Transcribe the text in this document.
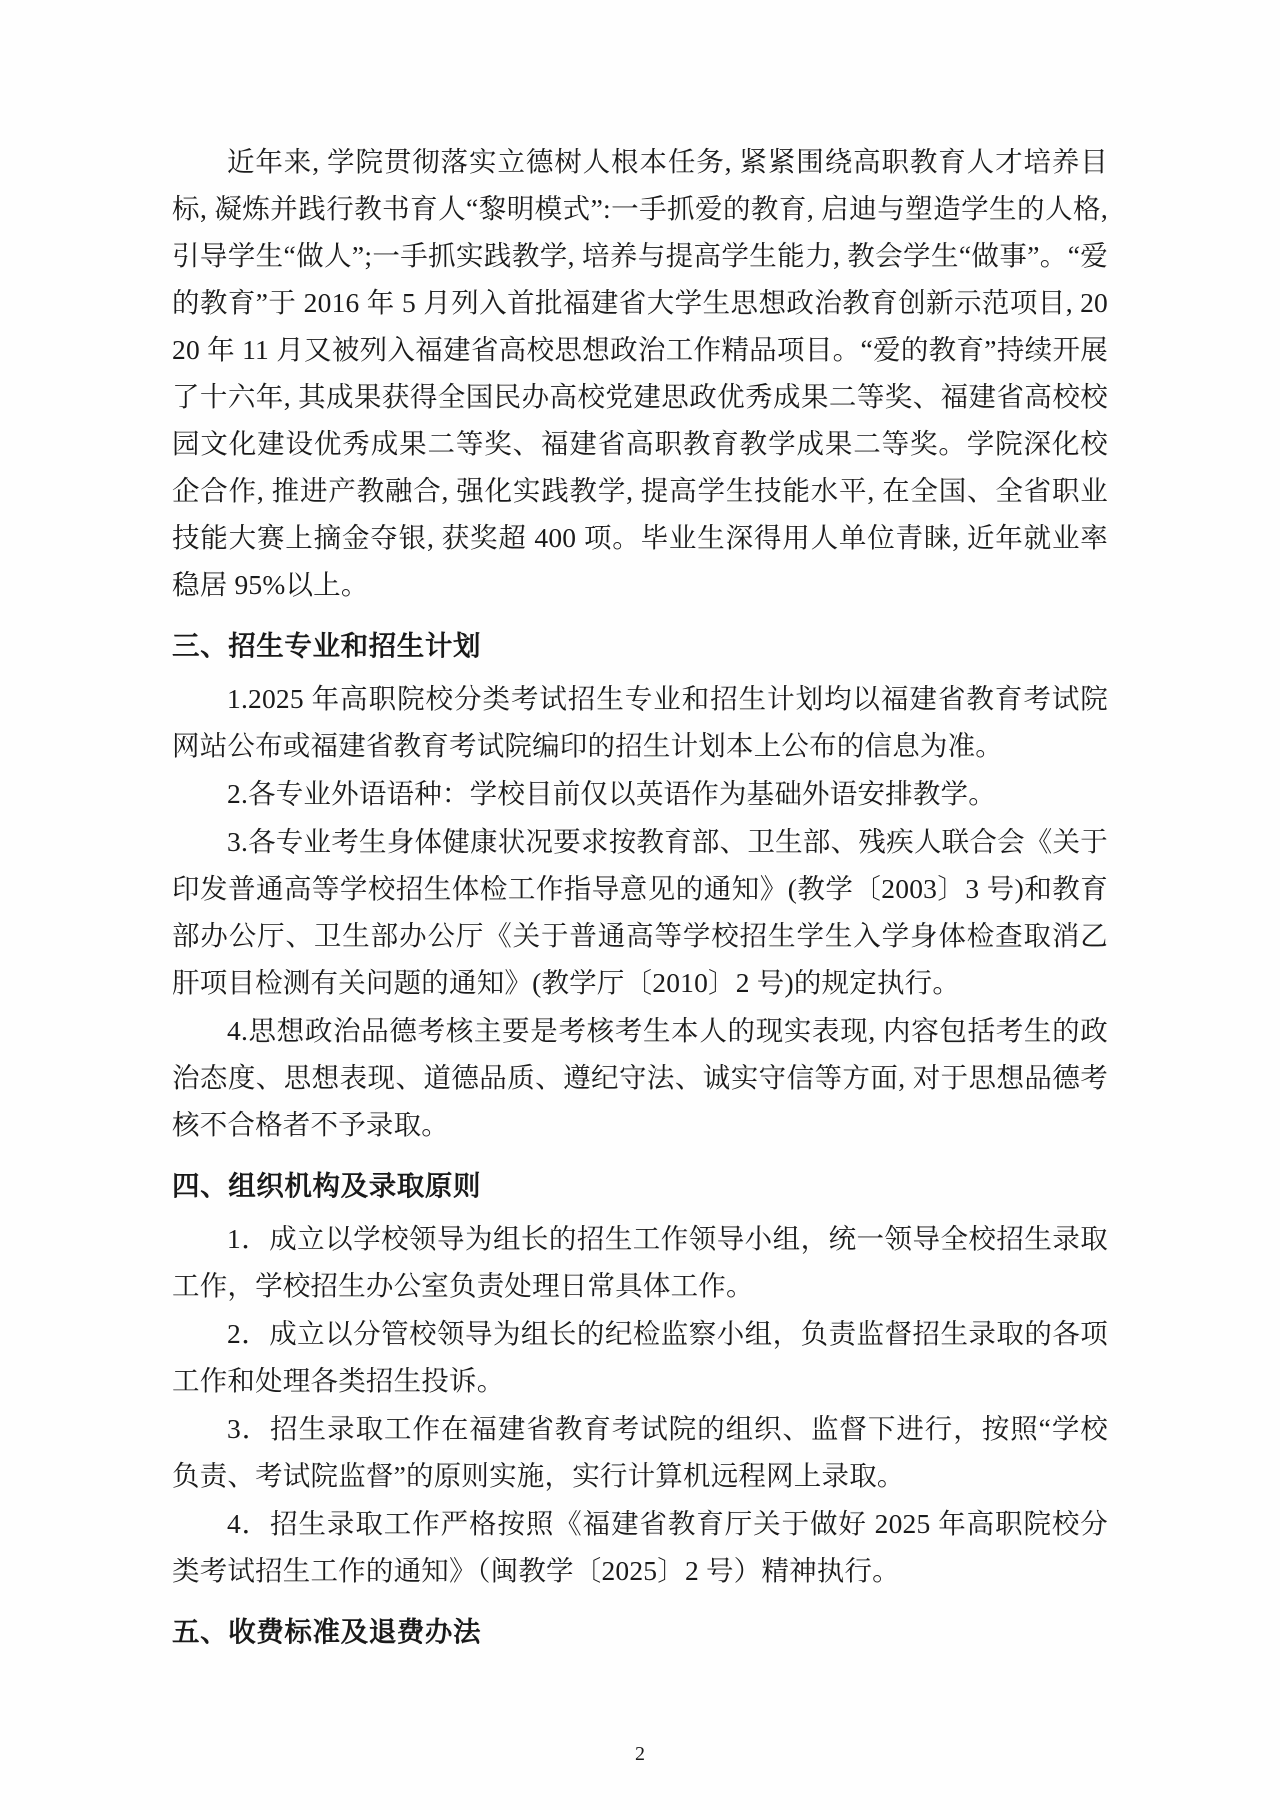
近年来, 学院贯彻落实立德树人根本任务, 紧紧围绕高职教育人才培养目标, 凝炼并践行教书育人“黎明模式”:一手抓爱的教育, 启迪与塑造学生的人格, 引导学生“做人”;一手抓实践教学, 培养与提高学生能力, 教会学生“做事”。“爱的教育”于 2016 年 5 月列入首批福建省大学生思想政治教育创新示范项目, 2020 年 11 月又被列入福建省高校思想政治工作精品项目。“爱的教育”持续开展了十六年, 其成果获得全国民办高校党建思政优秀成果二等奖、福建省高校校园文化建设优秀成果二等奖、福建省高职教育教学成果二等奖。学院深化校企合作, 推进产教融合, 强化实践教学, 提高学生技能水平, 在全国、全省职业技能大赛上摘金夺银, 获奖超 400 项。毕业生深得用人单位青睐, 近年就业率稳居 95%以上。

三、招生专业和招生计划

1.2025 年高职院校分类考试招生专业和招生计划均以福建省教育考试院网站公布或福建省教育考试院编印的招生计划本上公布的信息为准。

2.各专业外语语种：学校目前仅以英语作为基础外语安排教学。

3.各专业考生身体健康状况要求按教育部、卫生部、残疾人联合会《关于印发普通高等学校招生体检工作指导意见的通知》(教学〔2003〕3 号)和教育部办公厅、卫生部办公厅《关于普通高等学校招生学生入学身体检查取消乙肝项目检测有关问题的通知》(教学厅〔2010〕2 号)的规定执行。

4.思想政治品德考核主要是考核考生本人的现实表现, 内容包括考生的政治态度、思想表现、道德品质、遵纪守法、诚实守信等方面, 对于思想品德考核不合格者不予录取。

四、组织机构及录取原则

1．成立以学校领导为组长的招生工作领导小组，统一领导全校招生录取工作，学校招生办公室负责处理日常具体工作。

2．成立以分管校领导为组长的纪检监察小组，负责监督招生录取的各项工作和处理各类招生投诉。

3．招生录取工作在福建省教育考试院的组织、监督下进行，按照“学校负责、考试院监督”的原则实施，实行计算机远程网上录取。

4．招生录取工作严格按照《福建省教育厅关于做好 2025 年高职院校分类考试招生工作的通知》（闽教学〔2025〕2 号）精神执行。

五、收费标准及退费办法
2
